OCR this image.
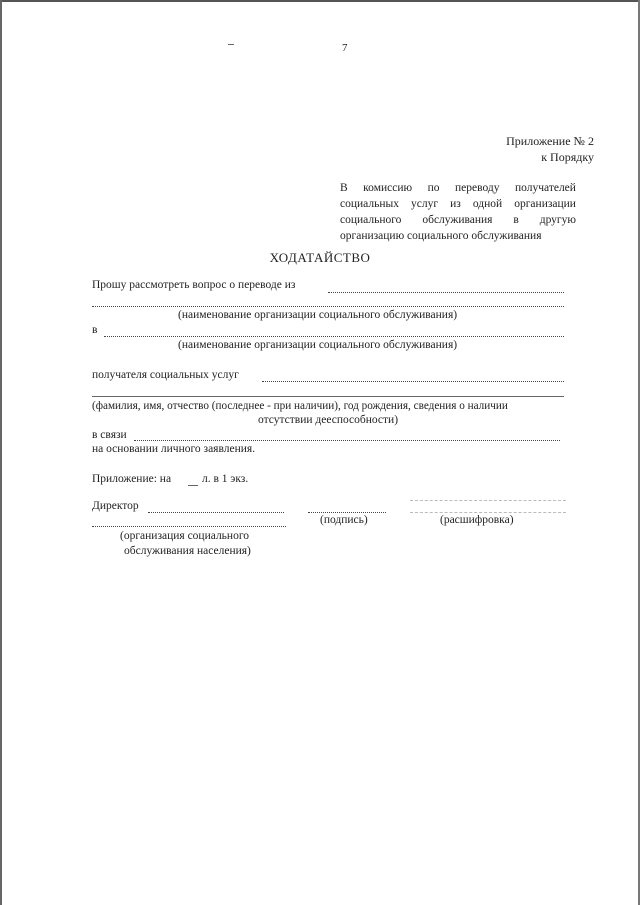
7
Приложение № 2
к Порядку
В комиссию по переводу получателей
социальных услуг из одной организации
социального обслуживания в другую
организацию социального обслуживания
ХОДАТАЙСТВО
Прошу рассмотреть вопрос о переводе из
(наименование организации социального обслуживания)
в
(наименование организации социального обслуживания)
получателя социальных услуг
(фамилия, имя, отчество (последнее - при наличии), год рождения, сведения о наличии
отсутствии дееспособности)
в связи
на основании личного заявления.
Приложение: на	л. в 1 экз.
Директор
(подпись)	(расшифровка)
(организация социального
обслуживания населения)
